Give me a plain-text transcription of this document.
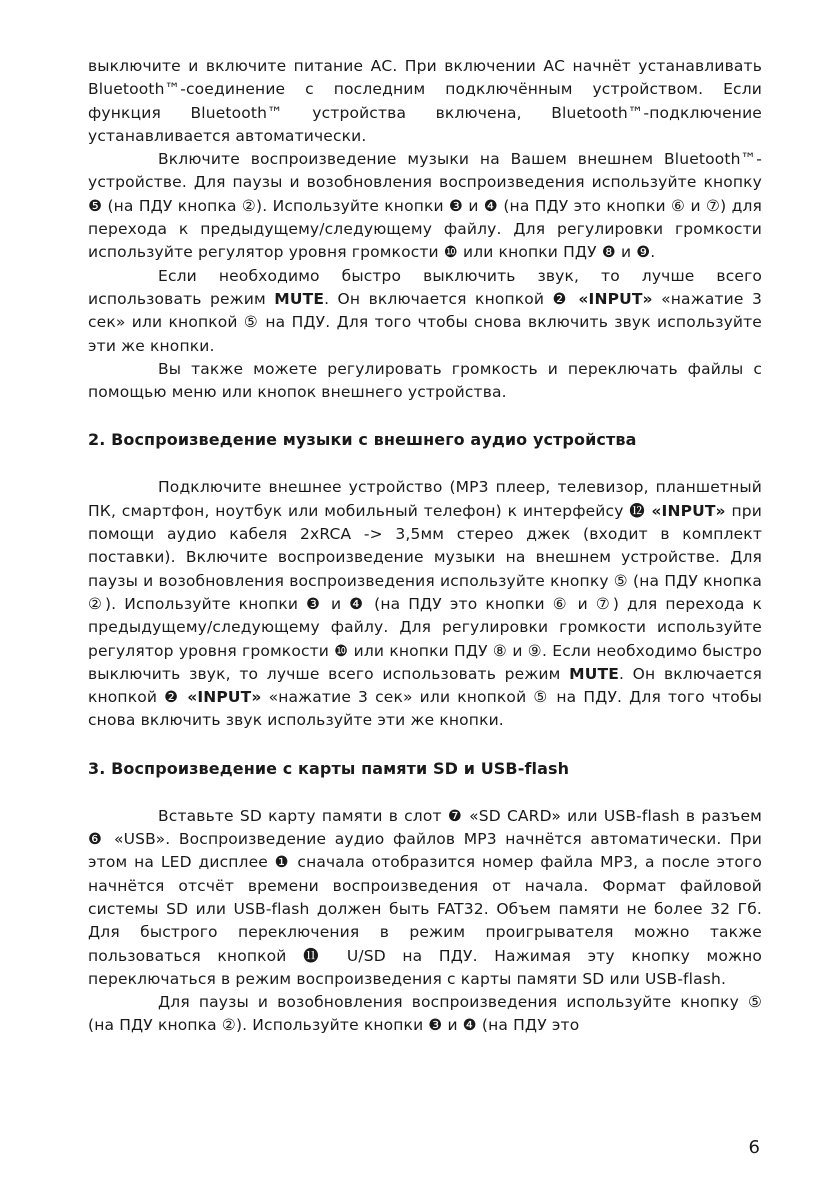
выключите и включите питание АС. При включении АС начнёт устанавливать Bluetooth™-соединение с последним подключённым устройством. Если функция Bluetooth™ устройства включена, Bluetooth™-подключение устанавливается автоматически.

Включите воспроизведение музыки на Вашем внешнем Bluetooth™-устройстве. Для паузы и возобновления воспроизведения используйте кнопку ❺ (на ПДУ кнопка ②). Используйте кнопки ❸ и ❹ (на ПДУ это кнопки ⑥ и ⑦) для перехода к предыдущему/следующему файлу. Для регулировки громкости используйте регулятор уровня громкости ❿ или кнопки ПДУ ❽ и ❾.

Если необходимо быстро выключить звук, то лучше всего использовать режим MUTE. Он включается кнопкой ❷ «INPUT» «нажатие 3 сек» или кнопкой ⑤ на ПДУ. Для того чтобы снова включить звук используйте эти же кнопки.

Вы также можете регулировать громкость и переключать файлы с помощью меню или кнопок внешнего устройства.

2. Воспроизведение музыки с внешнего аудио устройства

Подключите внешнее устройство (MP3 плеер, телевизор, планшетный ПК, смартфон, ноутбук или мобильный телефон) к интерфейсу ⓬ «INPUT» при помощи аудио кабеля 2xRCA -> 3,5мм стерео джек (входит в комплект поставки). Включите воспроизведение музыки на внешнем устройстве. Для паузы и возобновления воспроизведения используйте кнопку ⑤ (на ПДУ кнопка ②). Используйте кнопки ❸ и ❹ (на ПДУ это кнопки ⑥ и ⑦) для перехода к предыдущему/следующему файлу. Для регулировки громкости используйте регулятор уровня громкости ❿ или кнопки ПДУ ⑧ и ⑨. Если необходимо быстро выключить звук, то лучше всего использовать режим MUTE. Он включается кнопкой ❷ «INPUT» «нажатие 3 сек» или кнопкой ⑤ на ПДУ. Для того чтобы снова включить звук используйте эти же кнопки.

3. Воспроизведение с карты памяти SD и USB-flash

Вставьте SD карту памяти в слот ❼ «SD CARD» или USB-flash в разъем ❻ «USB». Воспроизведение аудио файлов MP3 начнётся автоматически. При этом на LED дисплее ❶ сначала отобразится номер файла MP3, а после этого начнётся отсчёт времени воспроизведения от начала. Формат файловой системы SD или USB-flash должен быть FAT32. Объем памяти не более 32 Гб. Для быстрого переключения в режим проигрывателя можно также пользоваться кнопкой ⓫ U/SD на ПДУ. Нажимая эту кнопку можно переключаться в режим воспроизведения с карты памяти SD или USB-flash.

Для паузы и возобновления воспроизведения используйте кнопку ⑤ (на ПДУ кнопка ②). Используйте кнопки ❸ и ❹ (на ПДУ это

6
